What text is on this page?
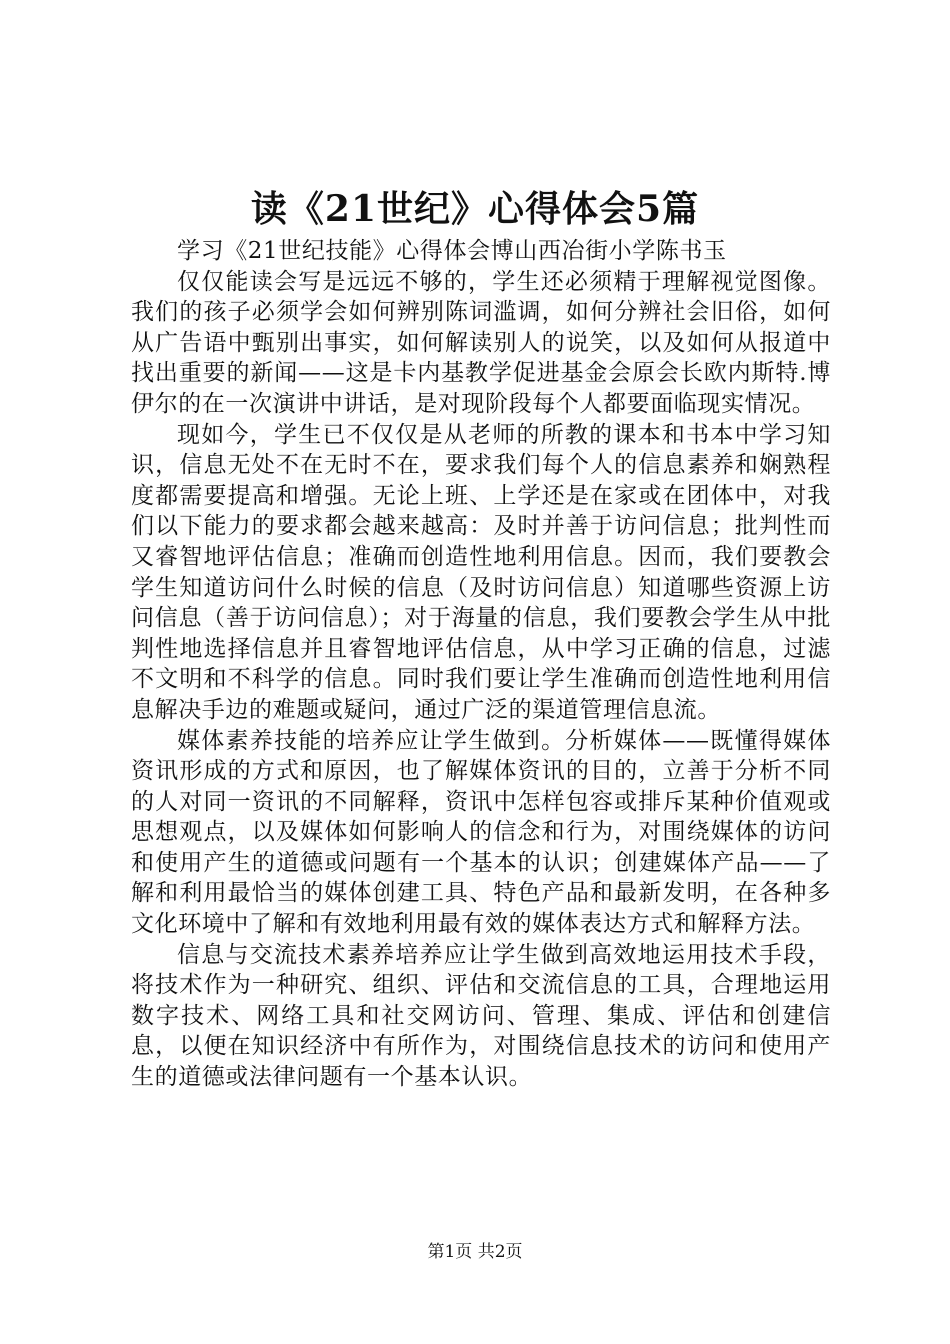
读《21世纪》心得体会5篇

学习《21世纪技能》心得体会博山西冶街小学陈书玉

仅仅能读会写是远远不够的，学生还必须精于理解视觉图像。我们的孩子必须学会如何辨别陈词滥调，如何分辨社会旧俗，如何从广告语中甄别出事实，如何解读别人的说笑，以及如何从报道中找出重要的新闻——这是卡内基教学促进基金会原会长欧内斯特.博伊尔的在一次演讲中讲话，是对现阶段每个人都要面临现实情况。

现如今，学生已不仅仅是从老师的所教的课本和书本中学习知识，信息无处不在无时不在，要求我们每个人的信息素养和娴熟程度都需要提高和增强。无论上班、上学还是在家或在团体中，对我们以下能力的要求都会越来越高：及时并善于访问信息；批判性而又睿智地评估信息；准确而创造性地利用信息。因而，我们要教会学生知道访问什么时候的信息（及时访问信息）知道哪些资源上访问信息（善于访问信息）；对于海量的信息，我们要教会学生从中批判性地选择信息并且睿智地评估信息，从中学习正确的信息，过滤不文明和不科学的信息。同时我们要让学生准确而创造性地利用信息解决手边的难题或疑问，通过广泛的渠道管理信息流。

媒体素养技能的培养应让学生做到。分析媒体——既懂得媒体资讯形成的方式和原因，也了解媒体资讯的目的，立善于分析不同的人对同一资讯的不同解释，资讯中怎样包容或排斥某种价值观或思想观点，以及媒体如何影响人的信念和行为，对围绕媒体的访问和使用产生的道德或问题有一个基本的认识；创建媒体产品——了解和利用最恰当的媒体创建工具、特色产品和最新发明，在各种多文化环境中了解和有效地利用最有效的媒体表达方式和解释方法。

信息与交流技术素养培养应让学生做到高效地运用技术手段，将技术作为一种研究、组织、评估和交流信息的工具，合理地运用数字技术、网络工具和社交网访问、管理、集成、评估和创建信息，以便在知识经济中有所作为，对围绕信息技术的访问和使用产生的道德或法律问题有一个基本认识。

第1页 共2页
